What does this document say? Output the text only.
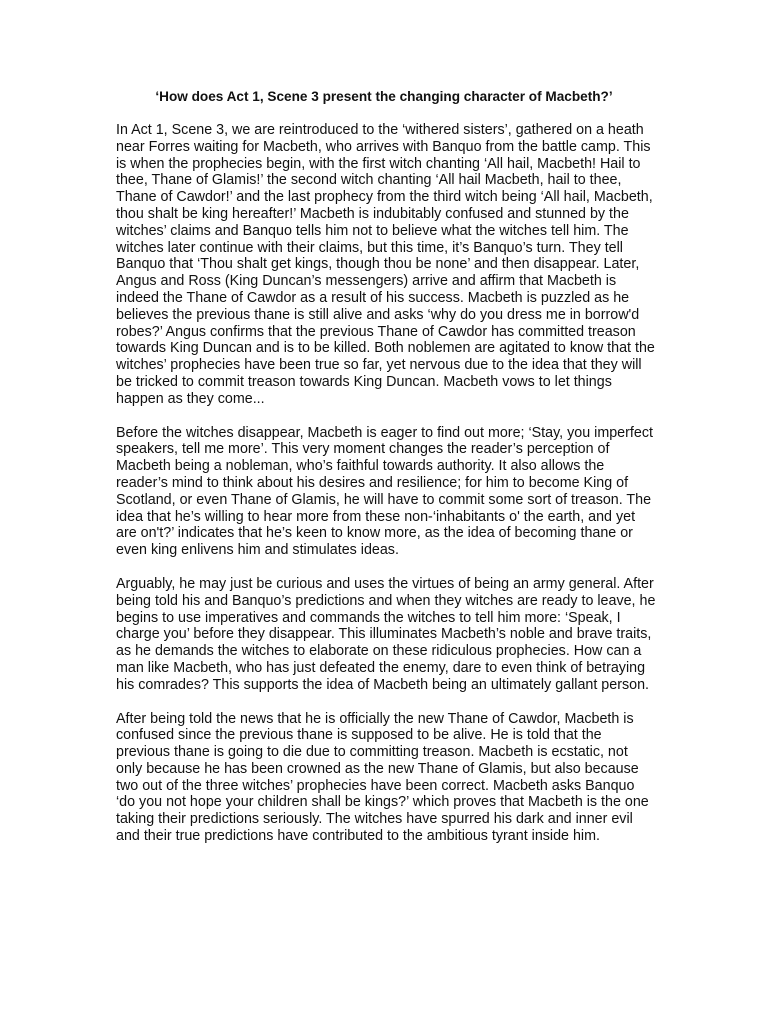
‘How does Act 1, Scene 3 present the changing character of Macbeth?’

In Act 1, Scene 3, we are reintroduced to the ‘withered sisters’, gathered on a heath near Forres waiting for Macbeth, who arrives with Banquo from the battle camp. This is when the prophecies begin, with the first witch chanting ‘All hail, Macbeth! Hail to thee, Thane of Glamis!’ the second witch chanting ‘All hail Macbeth, hail to thee, Thane of Cawdor!’ and the last prophecy from the third witch being ‘All hail, Macbeth, thou shalt be king hereafter!’ Macbeth is indubitably confused and stunned by the witches’ claims and Banquo tells him not to believe what the witches tell him. The witches later continue with their claims, but this time, it’s Banquo’s turn. They tell Banquo that ‘Thou shalt get kings, though thou be none’ and then disappear. Later, Angus and Ross (King Duncan’s messengers) arrive and affirm that Macbeth is indeed the Thane of Cawdor as a result of his success. Macbeth is puzzled as he believes the previous thane is still alive and asks ‘why do you dress me in borrow'd robes?’ Angus confirms that the previous Thane of Cawdor has committed treason towards King Duncan and is to be killed. Both noblemen are agitated to know that the witches’ prophecies have been true so far, yet nervous due to the idea that they will be tricked to commit treason towards King Duncan. Macbeth vows to let things happen as they come...

Before the witches disappear, Macbeth is eager to find out more; ‘Stay, you imperfect speakers, tell me more’. This very moment changes the reader’s perception of Macbeth being a nobleman, who’s faithful towards authority. It also allows the reader’s mind to think about his desires and resilience; for him to become King of Scotland, or even Thane of Glamis, he will have to commit some sort of treason. The idea that he’s willing to hear more from these non-‘inhabitants o' the earth, and yet are on't?’ indicates that he’s keen to know more, as the idea of becoming thane or even king enlivens him and stimulates ideas.

Arguably, he may just be curious and uses the virtues of being an army general. After being told his and Banquo’s predictions and when they witches are ready to leave, he begins to use imperatives and commands the witches to tell him more: ‘Speak, I charge you’ before they disappear. This illuminates Macbeth’s noble and brave traits, as he demands the witches to elaborate on these ridiculous prophecies. How can a man like Macbeth, who has just defeated the enemy, dare to even think of betraying his comrades? This supports the idea of Macbeth being an ultimately gallant person.

After being told the news that he is officially the new Thane of Cawdor, Macbeth is confused since the previous thane is supposed to be alive. He is told that the previous thane is going to die due to committing treason. Macbeth is ecstatic, not only because he has been crowned as the new Thane of Glamis, but also because two out of the three witches’ prophecies have been correct. Macbeth asks Banquo ‘do you not hope your children shall be kings?’ which proves that Macbeth is the one taking their predictions seriously. The witches have spurred his dark and inner evil and their true predictions have contributed to the ambitious tyrant inside him.
